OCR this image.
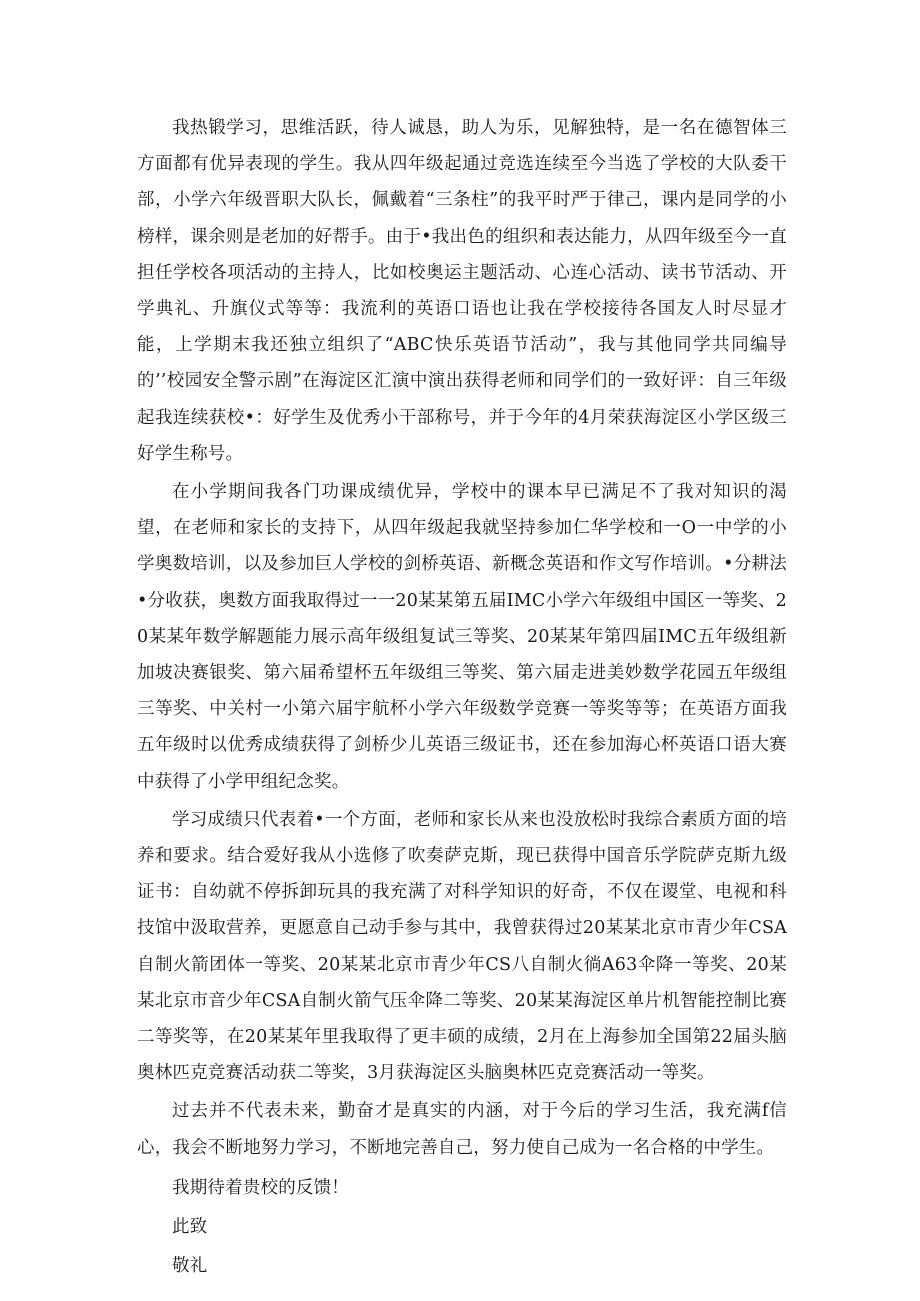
我热锻学习，思维活跃，待人诚恳，助人为乐，见解独特，是一名在德智体三方面都有优异表现的学生。我从四年级起通过竞选连续至今当选了学校的大队委干部，小学六年级晋职大队长，佩戴着“三条柱”的我平时严于律己，课内是同学的小榜样，课余则是老加的好帮手。由于•我出色的组织和表达能力，从四年级至今一直担任学校各项活动的主持人，比如校奥运主题活动、心连心活动、读书节活动、开学典礼、升旗仪式等等：我流利的英语口语也让我在学校接待各国友人时尽显才能，上学期末我还独立组织了“ABC快乐英语节活动”，我与其他同学共同编导的’’校园安全警示剧”在海淀区汇演中演出获得老师和同学们的一致好评：自三年级起我连续获校•：好学生及优秀小干部称号，并于今年的4月荣获海淀区小学区级三好学生称号。

在小学期间我各门功课成绩优异，学校中的课本早已满足不了我对知识的渴望，在老师和家长的支持下，从四年级起我就坚持参加仁华学校和一O一中学的小学奥数培训，以及参加巨人学校的剑桥英语、新概念英语和作文写作培训。•分耕法•分收获，奥数方面我取得过一一20某某第五届IMC小学六年级组中国区一等奖、20某某年数学解题能力展示高年级组复试三等奖、20某某年第四届IMC五年级组新加坡决赛银奖、第六届希望杯五年级组三等奖、第六届走进美妙数学花园五年级组三等奖、中关村一小第六届宇航杯小学六年级数学竞赛一等奖等等；在英语方面我五年级时以优秀成绩获得了剑桥少儿英语三级证书，还在参加海心杯英语口语大赛中获得了小学甲组纪念奖。

学习成绩只代表着•一个方面，老师和家长从来也没放松时我综合素质方面的培养和要求。结合爱好我从小选修了吹奏萨克斯，现已获得中国音乐学院萨克斯九级证书：自幼就不停拆卸玩具的我充满了对科学知识的好奇，不仅在谡堂、电视和科技馆中汲取营养，更愿意自己动手参与其中，我曾获得过20某某北京市青少年CSA自制火箭团体一等奖、20某某北京市青少年CS八自制火徜A63伞降一等奖、20某某北京市音少年CSA自制火箭气压伞降二等奖、20某某海淀区单片机智能控制比赛二等奖等，在20某某年里我取得了更丰硕的成绩，2月在上海参加全国第22届头脑奥林匹克竞赛活动获二等奖，3月获海淀区头脑奥林匹克竞赛活动一等奖。

过去并不代表未来，勤奋才是真实的内涵，对于今后的学习生活，我充满f信心，我会不断地努力学习，不断地完善自己，努力使自己成为一名合格的中学生。

我期待着贵校的反馈！

此致

敬礼
